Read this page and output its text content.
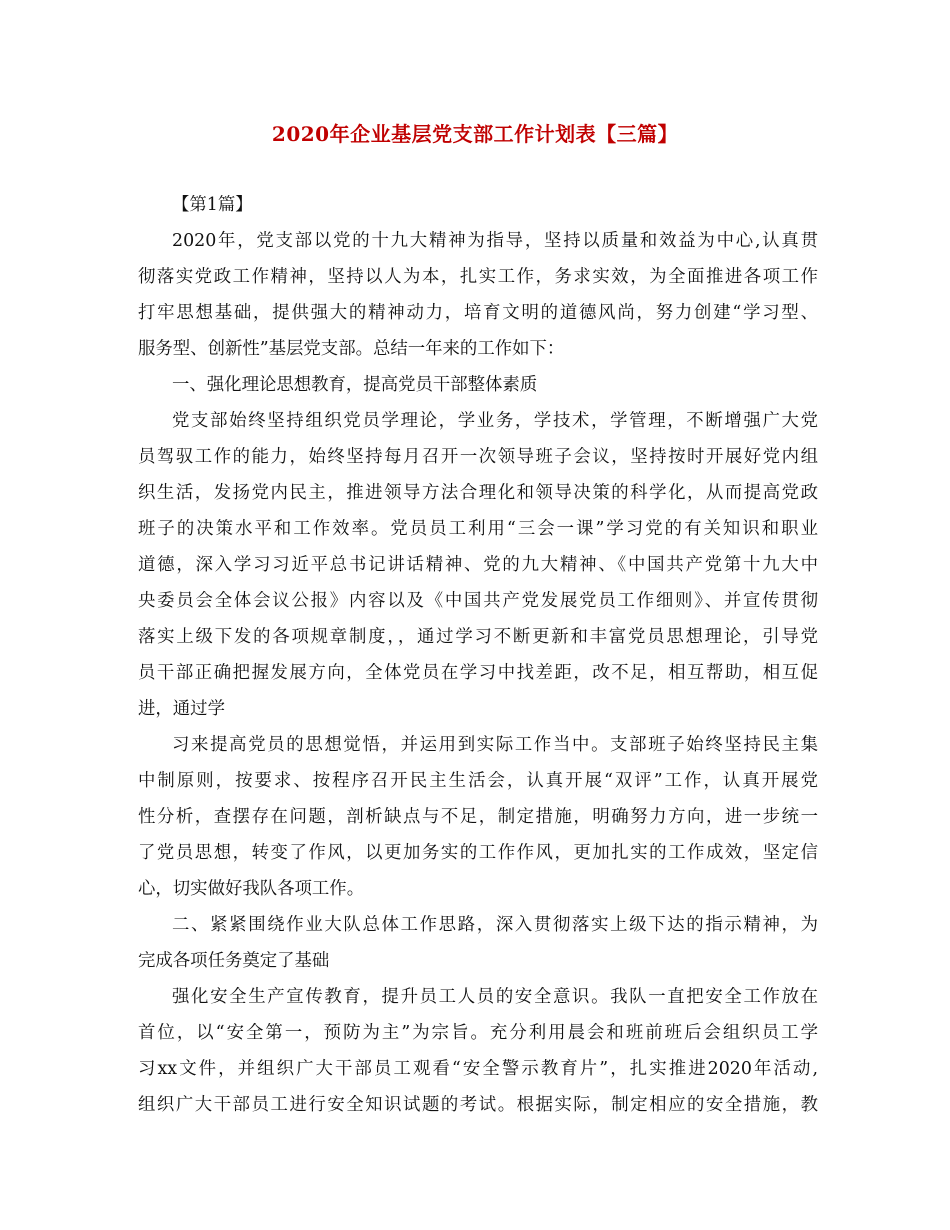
2020年企业基层党支部工作计划表【三篇】

【第1篇】

2020年，党支部以党的十九大精神为指导，坚持以质量和效益为中心,认真贯

彻落实党政工作精神，坚持以人为本，扎实工作，务求实效，为全面推进各项工作

打牢思想基础，提供强大的精神动力，培育文明的道德风尚，努力创建“学习型、

服务型、创新性”基层党支部。总结一年来的工作如下：

一、强化理论思想教育，提高党员干部整体素质

党支部始终坚持组织党员学理论，学业务，学技术，学管理，不断增强广大党

员驾驭工作的能力，始终坚持每月召开一次领导班子会议，坚持按时开展好党内组

织生活，发扬党内民主，推进领导方法合理化和领导决策的科学化，从而提高党政

班子的决策水平和工作效率。党员员工利用“三会一课”学习党的有关知识和职业

道德，深入学习习近平总书记讲话精神、党的九大精神、《中国共产党第十九大中

央委员会全体会议公报》内容以及《中国共产党发展党员工作细则》、并宣传贯彻

落实上级下发的各项规章制度，，通过学习不断更新和丰富党员思想理论，引导党

员干部正确把握发展方向，全体党员在学习中找差距，改不足，相互帮助，相互促

进，通过学

习来提高党员的思想觉悟，并运用到实际工作当中。支部班子始终坚持民主集

中制原则，按要求、按程序召开民主生活会，认真开展“双评”工作，认真开展党

性分析，查摆存在问题，剖析缺点与不足，制定措施，明确努力方向，进一步统一

了党员思想，转变了作风，以更加务实的工作作风，更加扎实的工作成效，坚定信

心，切实做好我队各项工作。

二、紧紧围绕作业大队总体工作思路，深入贯彻落实上级下达的指示精神，为

完成各项任务奠定了基础

强化安全生产宣传教育，提升员工人员的安全意识。我队一直把安全工作放在

首位，以“安全第一，预防为主”为宗旨。充分利用晨会和班前班后会组织员工学

习xx文件，并组织广大干部员工观看“安全警示教育片”，扎实推进2020年活动,

组织广大干部员工进行安全知识试题的考试。根据实际，制定相应的安全措施，教
